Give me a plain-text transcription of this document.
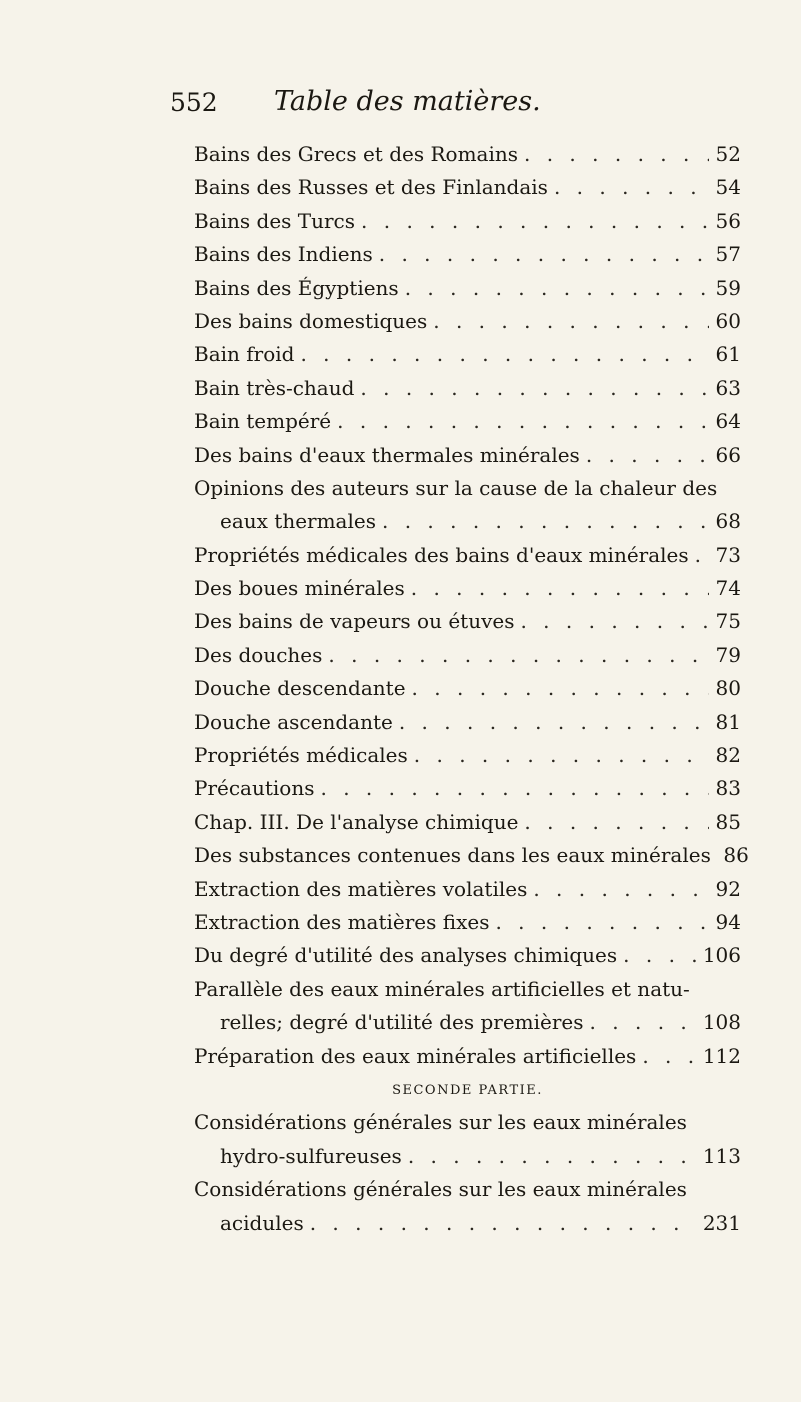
552 Table des matières.
Bains des Grecs et des Romains . . .	52
Bains des Russes et des Finlandais . . .	54
Bains des Turcs . . .	56
Bains des Indiens . . .	57
Bains des Égyptiens . . .	59
Des bains domestiques . . .	60
Bain froid . . .	61
Bain très-chaud . . .	63
Bain tempéré . . .	64
Des bains d'eaux thermales minérales . . .	66
Opinions des auteurs sur la cause de la chaleur des
eaux thermales . . .	68
Propriétés médicales des bains d'eaux minérales . . . 73
Des boues minérales . . .	74
Des bains de vapeurs ou étuves . . .	75
Des douches . . .	79
Douche descendante . . .	80
Douche ascendante . . .	81
Propriétés médicales . . .	82
Précautions . . .	83
Chap. III. De l'analyse chimique . . .	85
Des substances contenues dans les eaux minérales 86
Extraction des matières volatiles . . .	92
Extraction des matières fixes . . .	94
Du degré d'utilité des analyses chimiques . . .	106
Parallèle des eaux minérales artificielles et natu-
relles; degré d'utilité des premières . . .	108
Préparation des eaux minérales artificielles . . .	112
SECONDE PARTIE.
Considérations générales sur les eaux minérales
hydro-sulfureuses . . .	113
Considérations générales sur les eaux minérales
acidules . . .	231
